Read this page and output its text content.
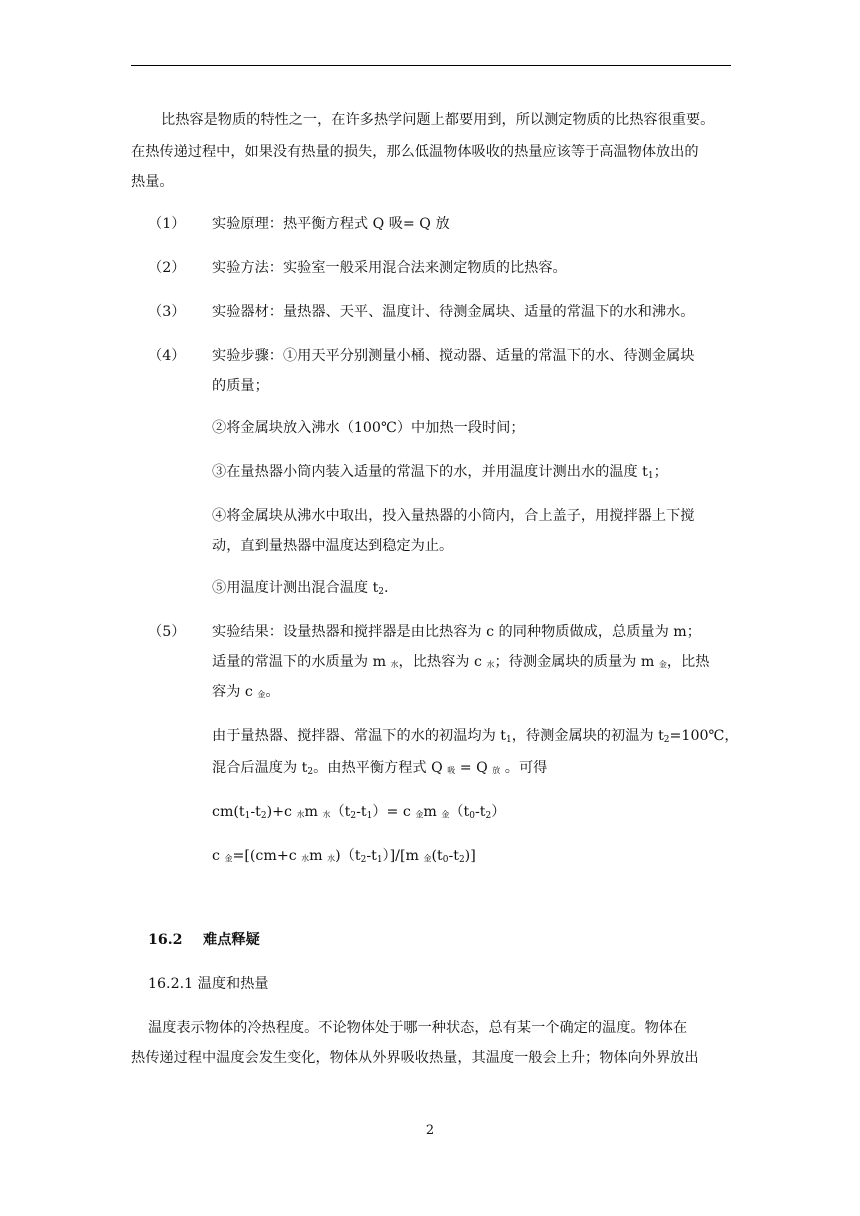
比热容是物质的特性之一，在许多热学问题上都要用到，所以测定物质的比热容很重要。
在热传递过程中，如果没有热量的损失，那么低温物体吸收的热量应该等于高温物体放出的
热量。
（1） 实验原理：热平衡方程式 Q 吸= Q 放
（2） 实验方法：实验室一般采用混合法来测定物质的比热容。
（3） 实验器材：量热器、天平、温度计、待测金属块、适量的常温下的水和沸水。
（4） 实验步骤：①用天平分别测量小桶、搅动器、适量的常温下的水、待测金属块
的质量；
②将金属块放入沸水（100℃）中加热一段时间；
③在量热器小筒内装入适量的常温下的水，并用温度计测出水的温度 $t_1$；
④将金属块从沸水中取出，投入量热器的小筒内，合上盖子，用搅拌器上下搅
动，直到量热器中温度达到稳定为止。
⑤用温度计测出混合温度 $t_2$.
（5） 实验结果：设量热器和搅拌器是由比热容为 c 的同种物质做成，总质量为 m；
适量的常温下的水质量为 m 水，比热容为 c 水；待测金属块的质量为 m 金，比热
容为 c 金。
由于量热器、搅拌器、常温下的水的初温均为 $t_1$，待测金属块的初温为 $t_2=100℃$，
混合后温度为 $t_2$。由热平衡方程式 Q 吸 = Q 放 。可得
$cm(t_1-t_2)+c$ $_水$m $_水(t_2-t_1)= c$ $_金$m $_金(t_0-t_2)$
c $_金$=[(cm+c $_水$m $_水)(t_2-t_1)]/[m$ $_金(t_0-t_2)$]
16.2 难点释疑
16.2.1 温度和热量
温度表示物体的冷热程度。不论物体处于哪一种状态，总有某一个确定的温度。物体在
热传递过程中温度会发生变化，物体从外界吸收热量，其温度一般会上升；物体向外界放出
2
